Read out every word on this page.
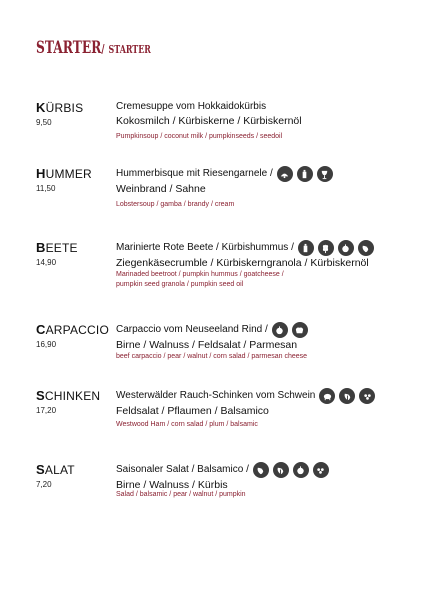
STARTER/ STARTER
KÜRBIS
9,50
Cremesuppe vom Hokkaidokürbis
Kokosmilch / Kürbiskerne / Kürbiskernöl
Pumpkinsoup / coconut milk / pumpkinseeds / seedoil
HUMMER
11,50
Hummerbisque mit Riesengarnele /
Weinbrand / Sahne
Lobstersoup / gamba / brandy / cream
BEETE
14,90
Marinierte Rote Beete / Kürbishummus /
Ziegenkäsecrumble / Kürbiskerngranola / Kürbiskernöl
Marinaded beetroot / pumpkin hummus / goatcheese /
pumpkin seed granola / pumpkin seed oil
CARPACCIO
16,90
Carpaccio vom Neuseeland Rind /
Birne / Walnuss / Feldsalat / Parmesan
beef carpaccio / pear / walnut / corn salad / parmesan cheese
SCHINKEN
17,20
Westerwälder Rauch-Schinken vom Schwein
Feldsalat / Pflaumen / Balsamico
Westwood Ham / corn salad / plum / balsamic
SALAT
7,20
Saisonaler Salat / Balsamico /
Birne / Walnuss / Kürbis
Salad / balsamic / pear / walnut / pumpkin
